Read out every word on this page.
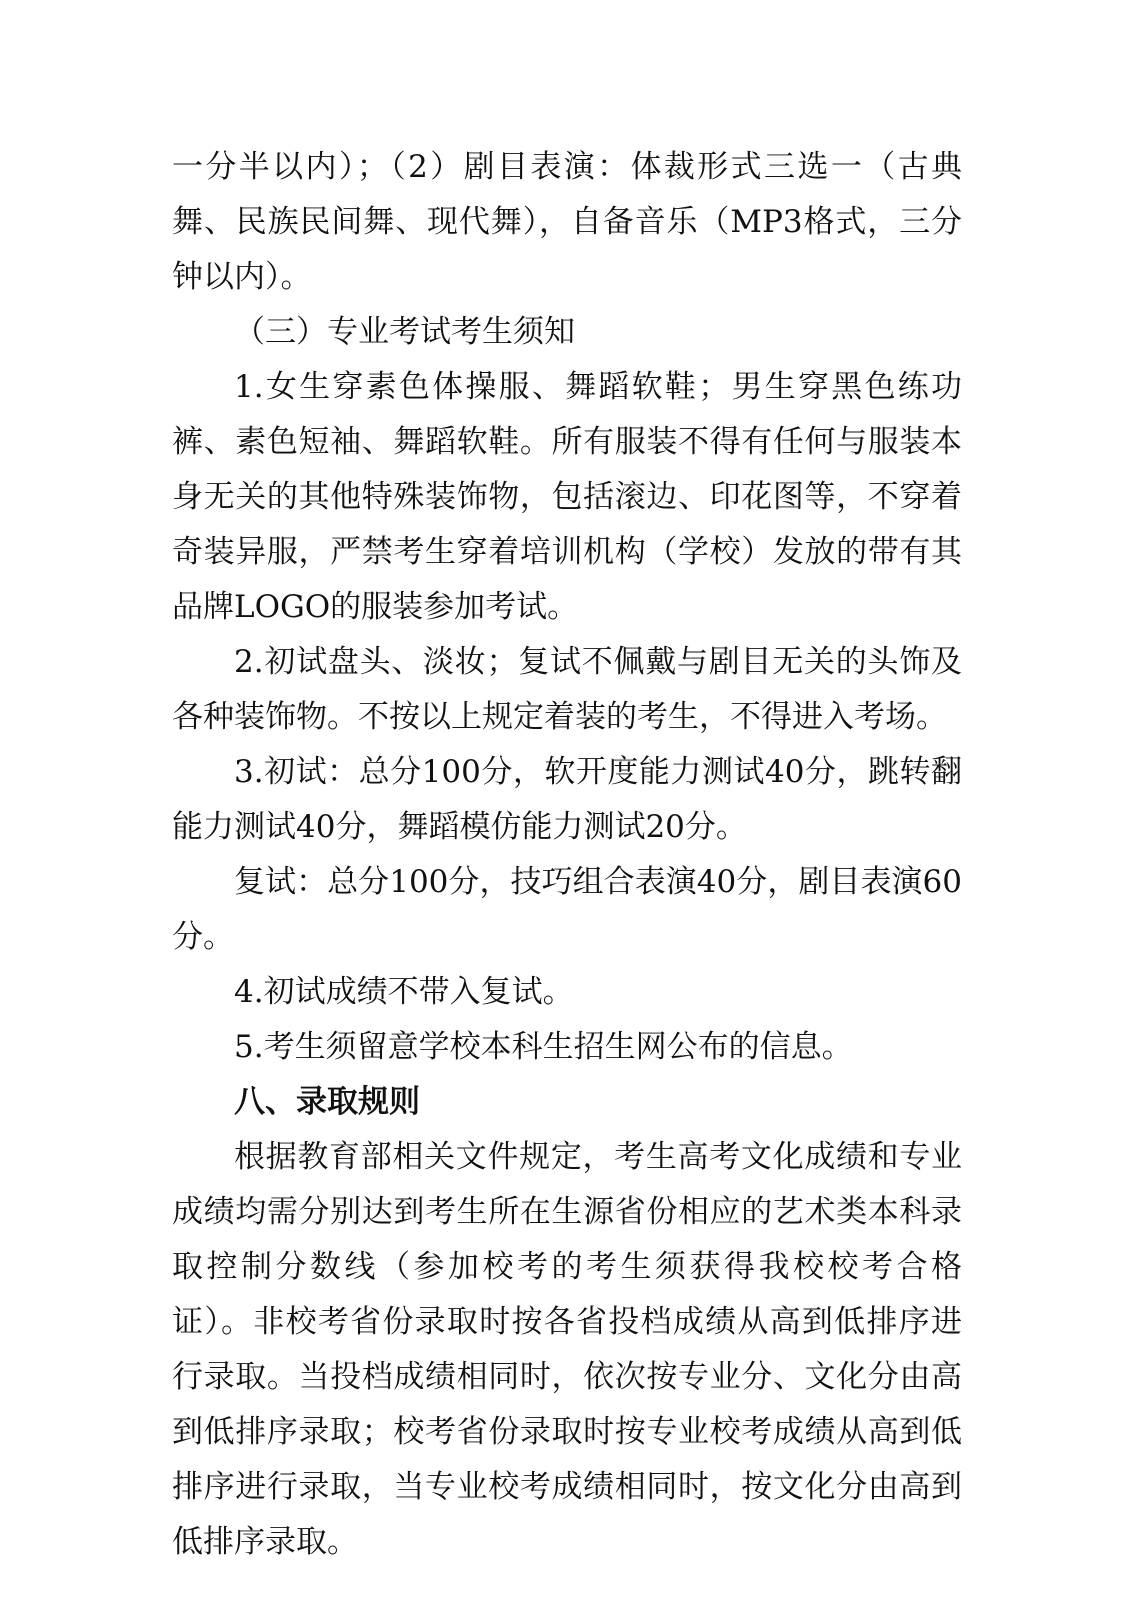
一分半以内）；（2）剧目表演：体裁形式三选一（古典舞、民族民间舞、现代舞），自备音乐（MP3格式，三分钟以内）。

（三）专业考试考生须知

1.女生穿素色体操服、舞蹈软鞋；男生穿黑色练功裤、素色短袖、舞蹈软鞋。所有服装不得有任何与服装本身无关的其他特殊装饰物，包括滚边、印花图等，不穿着奇装异服，严禁考生穿着培训机构（学校）发放的带有其品牌LOGO的服装参加考试。

2.初试盘头、淡妆；复试不佩戴与剧目无关的头饰及各种装饰物。不按以上规定着装的考生，不得进入考场。

3.初试：总分100分，软开度能力测试40分，跳转翻能力测试40分，舞蹈模仿能力测试20分。

复试：总分100分，技巧组合表演40分，剧目表演60分。

4.初试成绩不带入复试。

5.考生须留意学校本科生招生网公布的信息。

八、录取规则

根据教育部相关文件规定，考生高考文化成绩和专业成绩均需分别达到考生所在生源省份相应的艺术类本科录取控制分数线（参加校考的考生须获得我校校考合格证）。非校考省份录取时按各省投档成绩从高到低排序进行录取。当投档成绩相同时，依次按专业分、文化分由高到低排序录取；校考省份录取时按专业校考成绩从高到低排序进行录取，当专业校考成绩相同时，按文化分由高到低排序录取。
